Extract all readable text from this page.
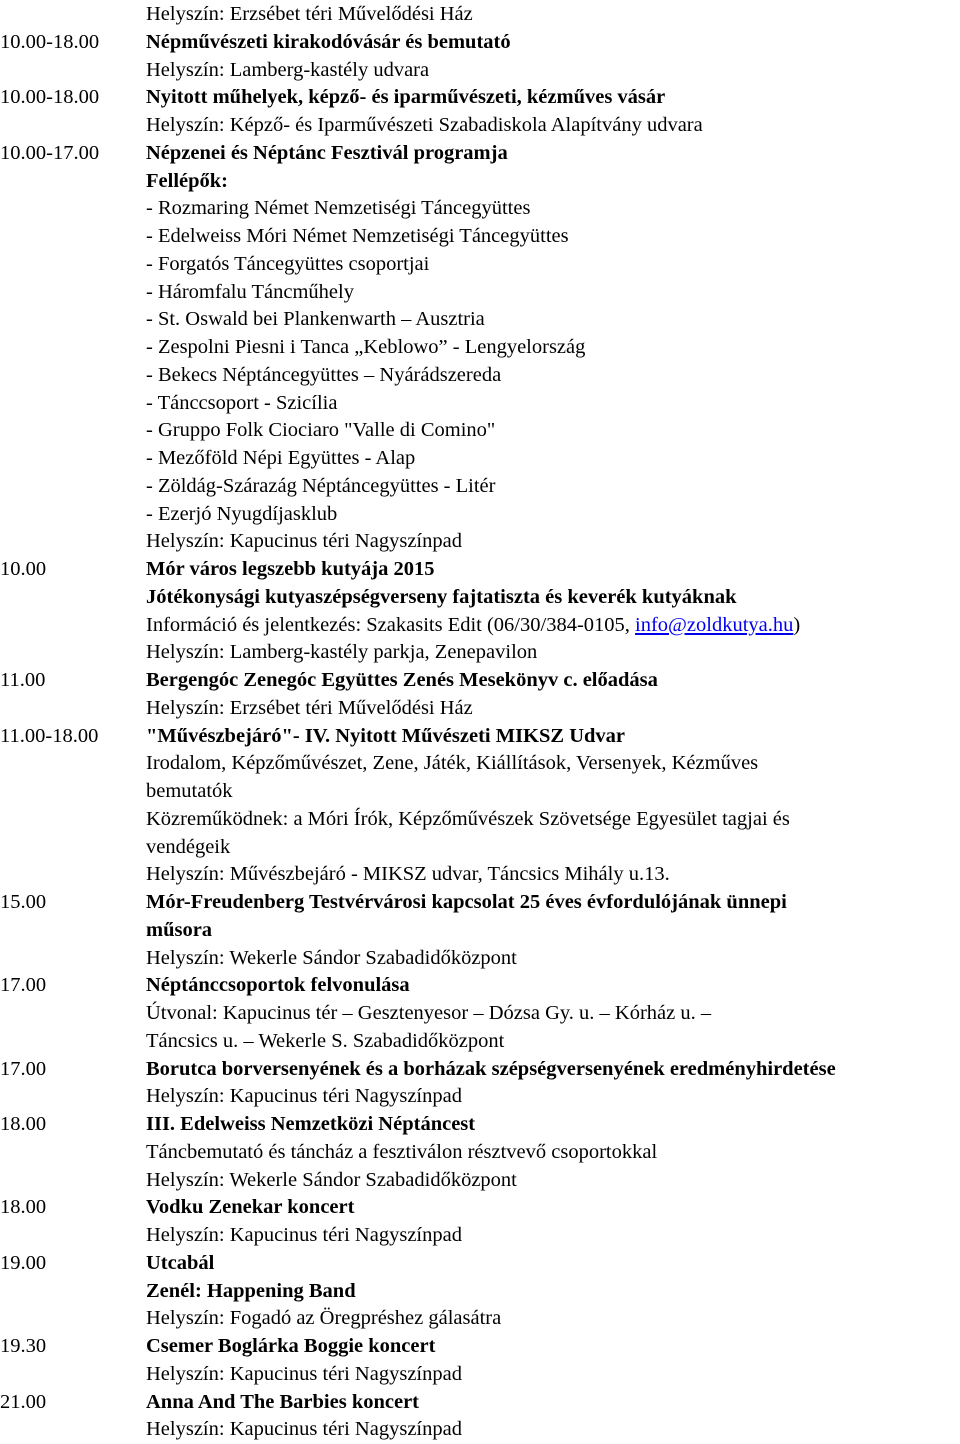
Helyszín: Erzsébet téri Művelődési Ház
10.00-18.00 Népművészeti kirakodóvásár és bemutató
Helyszín: Lamberg-kastély udvara
10.00-18.00 Nyitott műhelyek, képző- és iparművészeti, kézműves vásár
Helyszín: Képző- és Iparművészeti Szabadiskola Alapítvány udvara
10.00-17.00 Népzenei és Néptánc Fesztivál programja
Fellépők:
- Rozmaring Német Nemzetiségi Táncegyüttes
- Edelweiss Móri Német Nemzetiségi Táncegyüttes
- Forgatós Táncegyüttes csoportjai
- Háromfalu Táncműhely
- St. Oswald bei Plankenwarth – Ausztria
- Zespolni Piesni i Tanca „Keblowo” - Lengyelország
- Bekecs Néptáncegyüttes – Nyárádszereda
- Tánccsoport - Szicília
- Gruppo Folk Ciociaro "Valle di Comino"
- Mezőföld Népi Együttes - Alap
- Zöldág-Szárazág Néptáncegyüttes - Litér
- Ezerjó Nyugdíjasklub
Helyszín: Kapucinus téri Nagyszínpad
10.00	Mór város legszebb kutyája 2015
Jótékonysági kutyaszépségverseny fajtatiszta és keverék kutyáknak
Információ és jelentkezés: Szakasits Edit (06/30/384-0105, info@zoldkutya.hu)
Helyszín: Lamberg-kastély parkja, Zenepavilon
11.00	Bergengóc Zenegóc Együttes Zenés Mesekönyv c. előadása
Helyszín: Erzsébet téri Művelődési Ház
11.00-18.00 "Művészbejáró"- IV. Nyitott Művészeti MIKSZ Udvar
Irodalom, Képzőművészet, Zene, Játék, Kiállítások, Versenyek, Kézműves
bemutatók
Közreműködnek: a Móri Írók, Képzőművészek Szövetsége Egyesület tagjai és
vendégeik
Helyszín: Művészbejáró - MIKSZ udvar, Táncsics Mihály u.13.
15.00	Mór-Freudenberg Testvérvárosi kapcsolat 25 éves évfordulójának ünnepi
műsora
Helyszín: Wekerle Sándor Szabadidőközpont
17.00	Néptánccsoportok felvonulása
Útvonal: Kapucinus tér – Gesztenyesor – Dózsa Gy. u. – Kórház u. –
Táncsics u. – Wekerle S. Szabadidőközpont
17.00	Borutca borversenyének és a borházak szépségversenyének eredményhirdetése
Helyszín: Kapucinus téri Nagyszínpad
18.00	III. Edelweiss Nemzetközi Néptáncest
Táncbemutató és táncház a fesztiválon résztvevő csoportokkal
Helyszín: Wekerle Sándor Szabadidőközpont
18.00	Vodku Zenekar koncert
Helyszín: Kapucinus téri Nagyszínpad
19.00	Utcabál
Zenél: Happening Band
Helyszín: Fogadó az Öregpréshez gálasátra
19.30	Csemer Boglárka Boggie koncert
Helyszín: Kapucinus téri Nagyszínpad
21.00	Anna And The Barbies koncert
Helyszín: Kapucinus téri Nagyszínpad
